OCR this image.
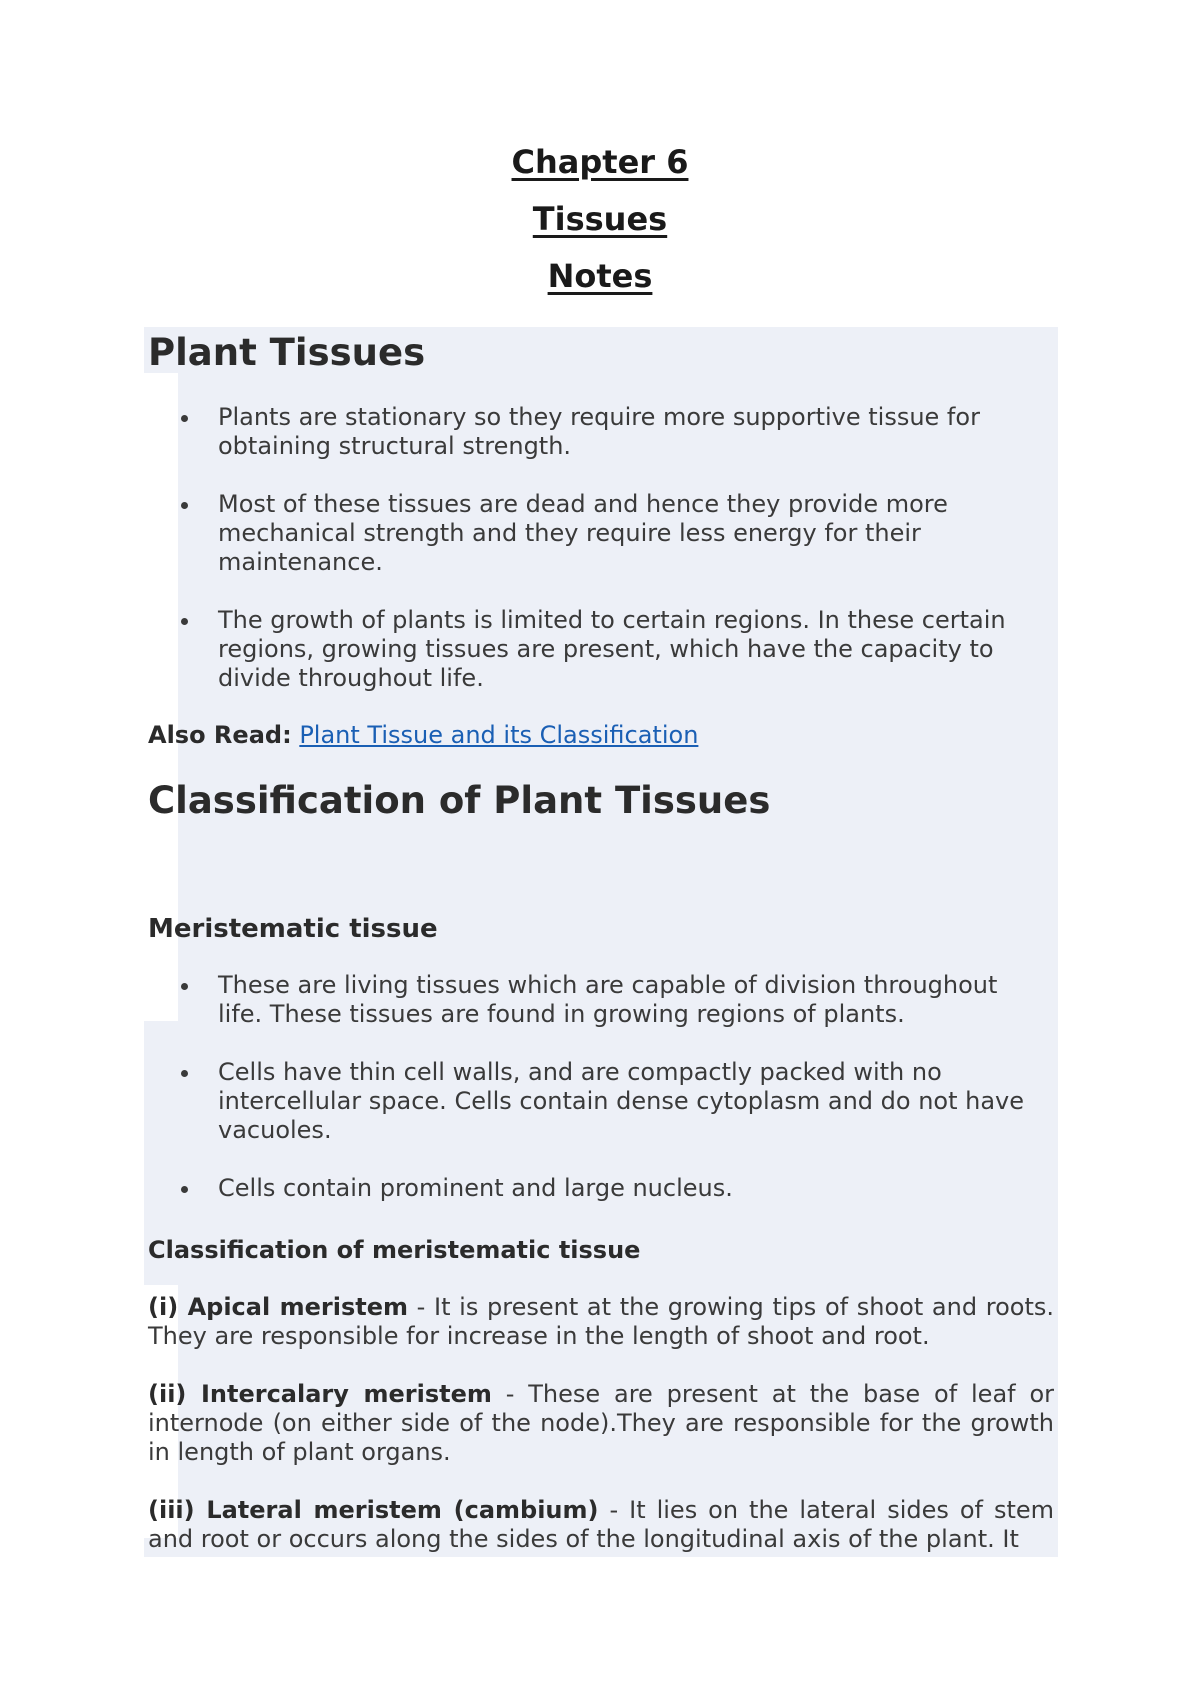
Chapter 6
Tissues
Notes
Plant Tissues
Plants are stationary so they require more supportive tissue for obtaining structural strength.
Most of these tissues are dead and hence they provide more mechanical strength and they require less energy for their maintenance.
The growth of plants is limited to certain regions. In these certain regions, growing tissues are present, which have the capacity to divide throughout life.

Also Read: Plant Tissue and its Classification

Classification of Plant Tissues
Meristematic tissue
These are living tissues which are capable of division throughout life. These tissues are found in growing regions of plants.
Cells have thin cell walls, and are compactly packed with no intercellular space. Cells contain dense cytoplasm and do not have vacuoles.
Cells contain prominent and large nucleus.

Classification of meristematic tissue

(i) Apical meristem - It is present at the growing tips of shoot and roots. They are responsible for increase in the length of shoot and root.

(ii) Intercalary meristem - These are present at the base of leaf or internode (on either side of the node).They are responsible for the growth in length of plant organs.

(iii) Lateral meristem (cambium) - It lies on the lateral sides of stem and root or occurs along the sides of the longitudinal axis of the plant. It
